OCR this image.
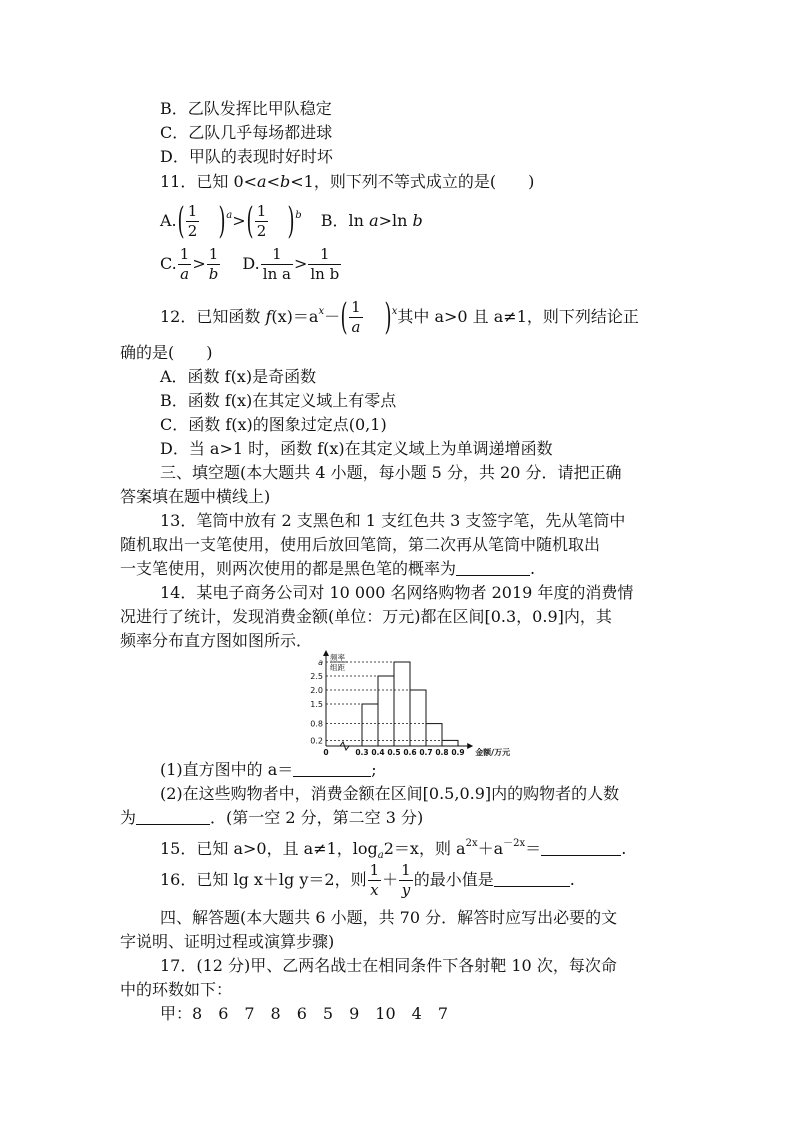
B．乙队发挥比甲队稳定
C．乙队几乎每场都进球
D．甲队的表现时好时坏
11．已知 0<a<b<1，则下列不等式成立的是(　　)
$A.( \frac{1}{2} )^a>( \frac{1}{2} )^b$ B．ln a>ln b
C. $\frac{1}{a} > \frac{1}{b} D$. $\frac{1}{\text{ln a}} > \frac{1}{\text{ln b}}$
12．已知函数 $f(x)=a^x-( \frac{1}{a} )^x$其中 a>0 且 a≠1，则下列结论正
确的是(　　)
A．函数 f(x)是奇函数
B．函数 f(x)在其定义域上有零点
C．函数 f(x)的图象过定点(0,1)
D．当 a>1 时，函数 f(x)在其定义域上为单调递增函数
三、填空题(本大题共 4 小题，每小题 5 分，共 20 分．请把正确
答案填在题中横线上)
13．笔筒中放有 2 支黑色和 1 支红色共 3 支签字笔，先从笔筒中
随机取出一支笔使用，使用后放回笔筒，第二次再从笔筒中随机取出
一支笔使用，则两次使用的都是黑色笔的概率为	.
14．某电子商务公司对 10 000 名网络购物者 2019 年度的消费情
况进行了统计，发现消费金额(单位：万元)都在区间[0.3，0.9]内，其
频率分布直方图如图所示．
0.2
0.8
1.5
2.0
2.5
a
0	0.3 0.4 0.5 0.6 0.7 0.8 0.9
频率
组距
金额/万元
(1)直方图中的 a＝	;
(2)在这些购物者中，消费金额在区间[0.5,0.9]内的购物者的人数
为	．(第一空 2 分，第二空 3 分)
15．已知 a>0，且 a≠1，$\log_a2=x$，则 $a^{2x}+a^{-2x}=$	.
16．已知 lg x＋lg y＝2，则 $\frac{1}{x} + \frac{1}{y}$ 的最小值是	.
四、解答题(本大题共 6 小题，共 70 分．解答时应写出必要的文
字说明、证明过程或演算步骤)
17．(12 分)甲、乙两名战士在相同条件下各射靶 10 次，每次命
中的环数如下：
甲：8　6　7　8　6　5　9　10　4　7
